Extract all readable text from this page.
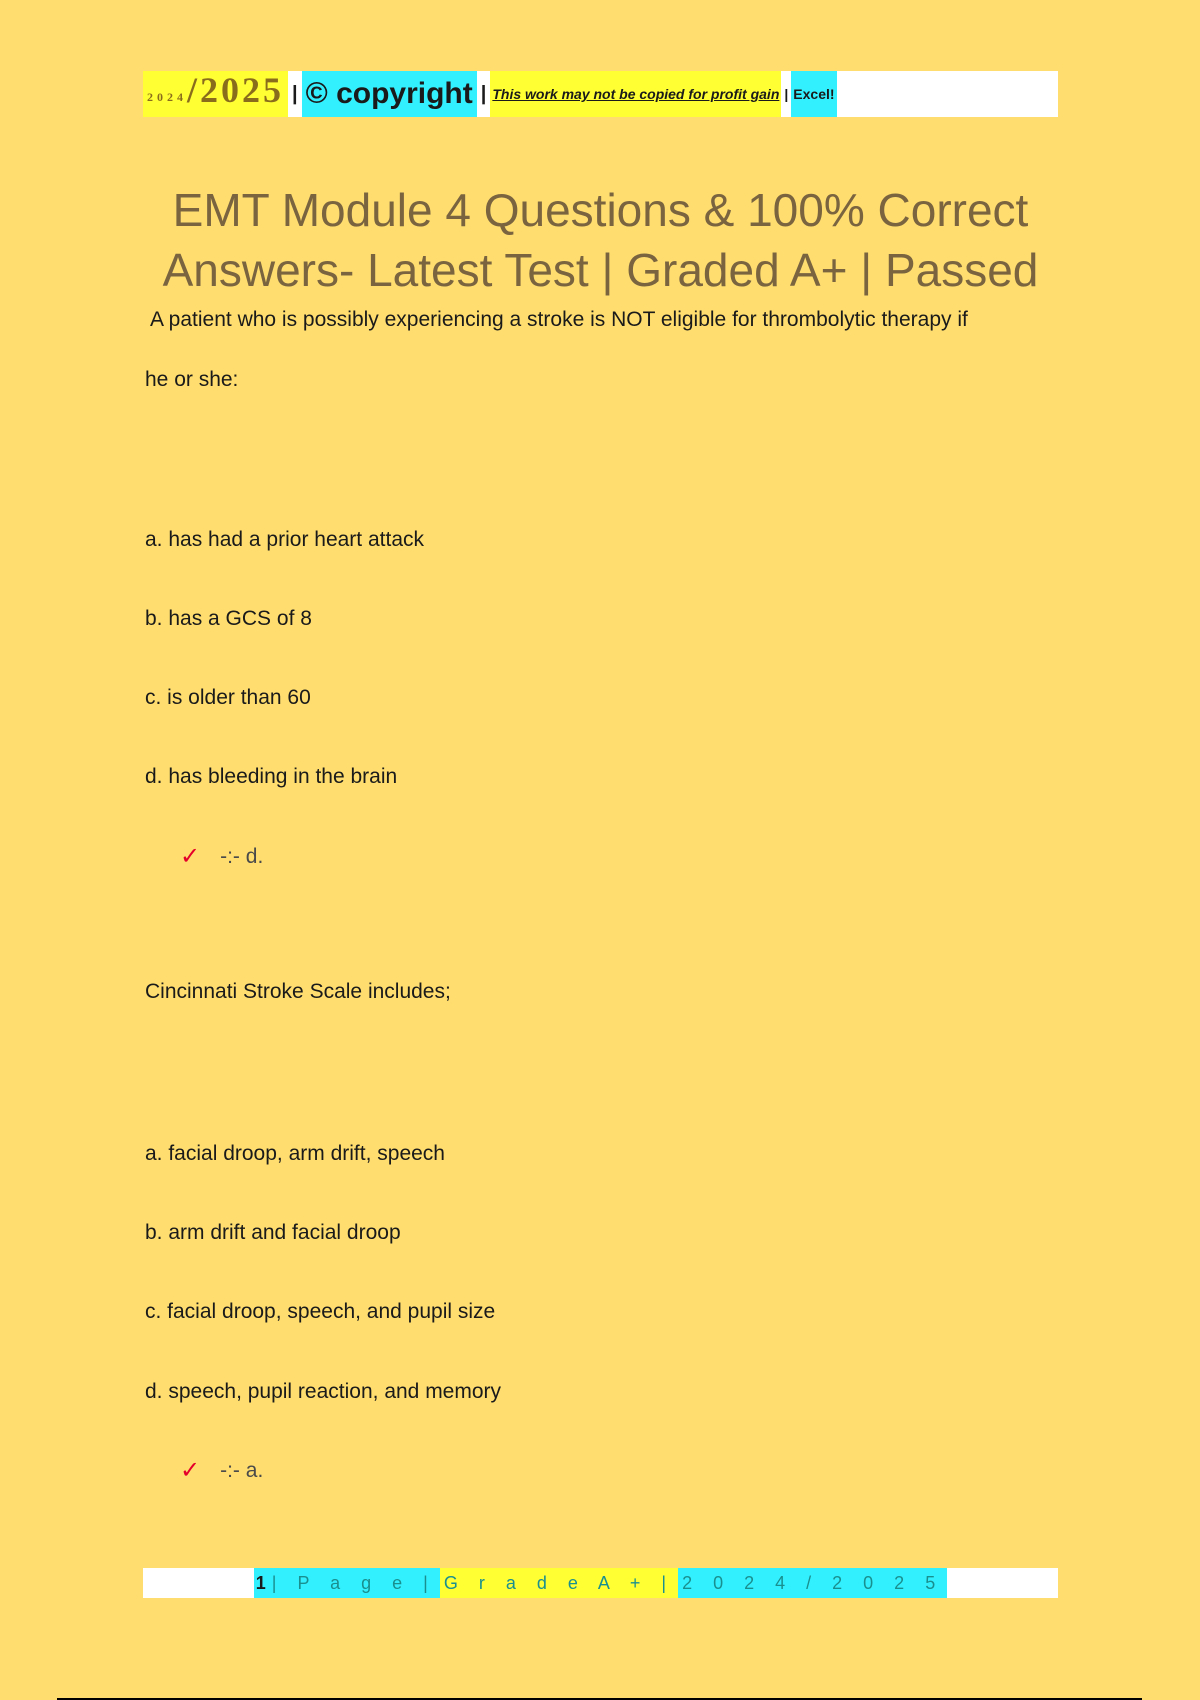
2024 /2025 | © copyright | This work may not be copied for profit gain | Excel!
EMT Module 4 Questions & 100% Correct
Answers- Latest Test | Graded A+ | Passed

A patient who is possibly experiencing a stroke is NOT eligible for thrombolytic therapy if

he or she:

a. has had a prior heart attack
b. has a GCS of 8
c. is older than 60
d. has bleeding in the brain
✓ -:- d.

Cincinnati Stroke Scale includes;

a. facial droop, arm drift, speech
b. arm drift and facial droop
c. facial droop, speech, and pupil size
d. speech, pupil reaction, and memory
✓ -:- a.
1 | P a g e | G r a d e A + | 2 0 2 4 / 2 0 2 5
